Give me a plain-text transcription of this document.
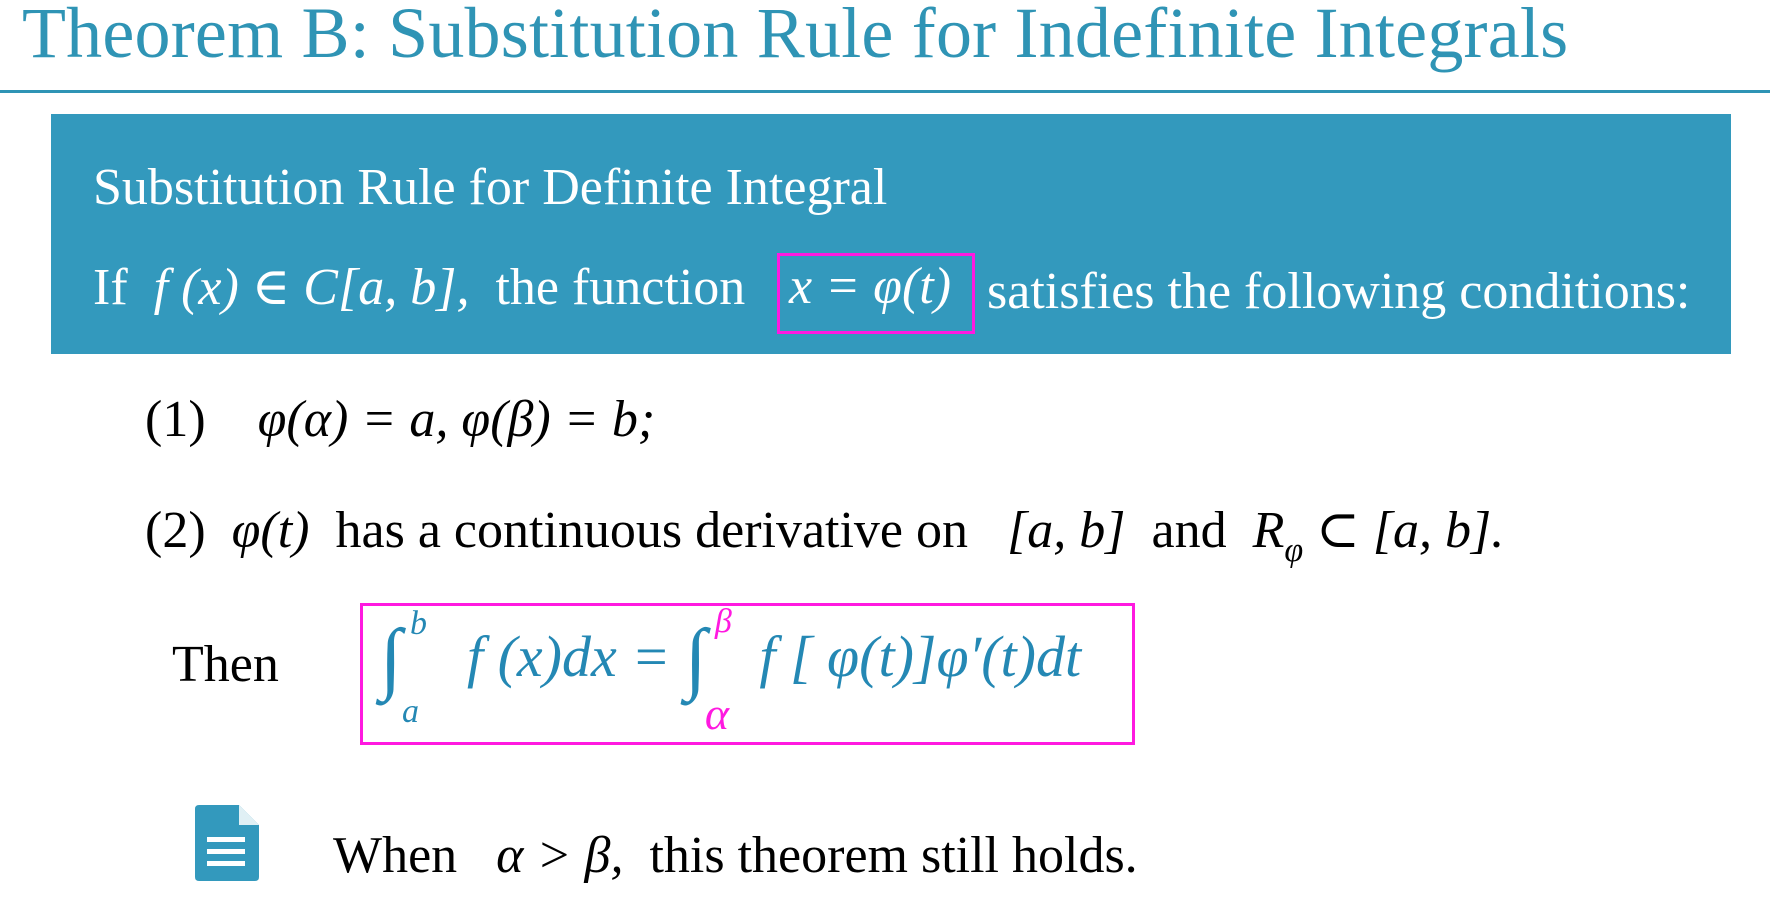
Theorem B: Substitution Rule for Indefinite Integrals
Substitution Rule for Definite Integral
If f (x) ∈ C[a, b], the function x = φ(t) satisfies the following conditions:
(1) φ(α) = a, φ(β) = b;
(2) φ(t) has a continuous derivative on [a, b] and $R_\varphi$ ⊂ [a, b].
Then ∫ b
a
f (x)dx = ∫ β
α
f [ φ(t)]φ′(t)dt
When α > β, this theorem still holds.
